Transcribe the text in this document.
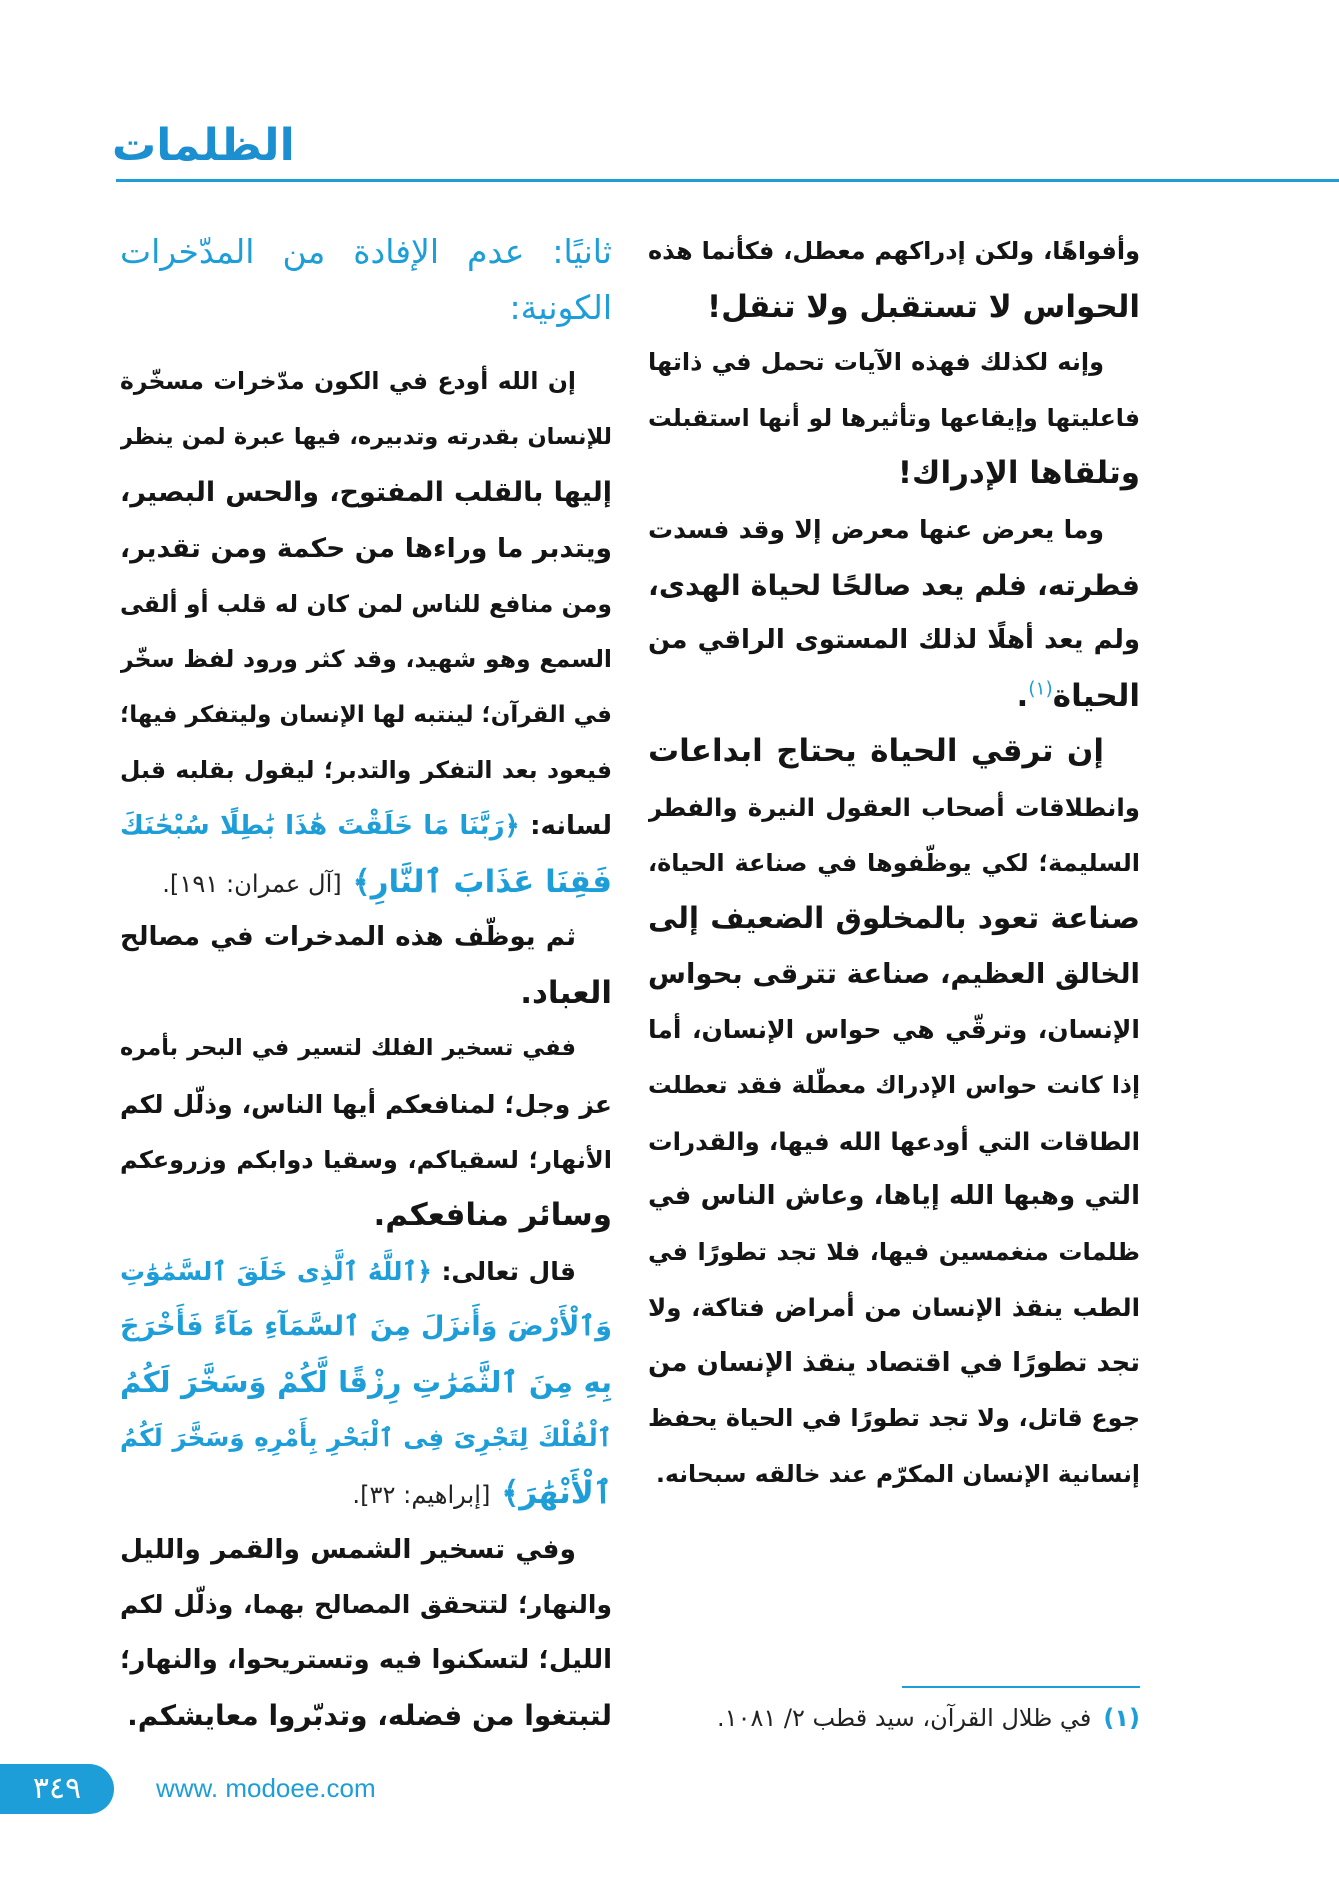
الظلمات
وأفواهًا، ولكن إدراكهم معطل، فكأنما هذه
الحواس لا تستقبل ولا تنقل!
وإنه لكذلك فهذه الآيات تحمل في ذاتها
فاعليتها وإيقاعها وتأثيرها لو أنها استقبلت
وتلقاها الإدراك!
وما يعرض عنها معرض إلا وقد فسدت
فطرته، فلم يعد صالحًا لحياة الهدى،
ولم يعد أهلًا لذلك المستوى الراقي من
الحياة$^{(١)}$.
إن ترقي الحياة يحتاج ابداعات
وانطلاقات أصحاب العقول النيرة والفطر
السليمة؛ لكي يوظّفوها في صناعة الحياة،
صناعة تعود بالمخلوق الضعيف إلى
الخالق العظيم، صناعة تترقى بحواس
الإنسان، وترقّي هي حواس الإنسان، أما
إذا كانت حواس الإدراك معطّلة فقد تعطلت
الطاقات التي أودعها الله فيها، والقدرات
التي وهبها الله إياها، وعاش الناس في
ظلمات منغمسين فيها، فلا تجد تطورًا في
الطب ينقذ الإنسان من أمراض فتاكة، ولا
تجد تطورًا في اقتصاد ينقذ الإنسان من
جوع قاتل، ولا تجد تطورًا في الحياة يحفظ
إنسانية الإنسان المكرّم عند خالقه سبحانه.
ثانيًا: عدم الإفادة من المدّخرات
الكونية:
إن الله أودع في الكون مدّخرات مسخّرة
للإنسان بقدرته وتدبيره، فيها عبرة لمن ينظر
إليها بالقلب المفتوح، والحس البصير،
ويتدبر ما وراءها من حكمة ومن تقدير،
ومن منافع للناس لمن كان له قلب أو ألقى
السمع وهو شهيد، وقد كثر ورود لفظ سخّر
في القرآن؛ لينتبه لها الإنسان وليتفكر فيها؛
فيعود بعد التفكر والتدبر؛ ليقول بقلبه قبل
لسانه: ﴿رَبَّنَا مَا خَلَقْتَ هَٰذَا بَٰطِلًا سُبْحَٰنَكَ
فَقِنَا عَذَابَ ٱلنَّارِ﴾ [آل عمران: ١٩١].
ثم يوظّف هذه المدخرات في مصالح
العباد.
ففي تسخير الفلك لتسير في البحر بأمره
عز وجل؛ لمنافعكم أيها الناس، وذلّل لكم
الأنهار؛ لسقياكم، وسقيا دوابكم وزروعكم
وسائر منافعكم.
قال تعالى: ﴿ٱللَّهُ ٱلَّذِى خَلَقَ ٱلسَّمَٰوَٰتِ
وَٱلْأَرْضَ وَأَنزَلَ مِنَ ٱلسَّمَآءِ مَآءً فَأَخْرَجَ
بِهِ مِنَ ٱلثَّمَرَٰتِ رِزْقًا لَّكُمْ وَسَخَّرَ لَكُمُ
ٱلْفُلْكَ لِتَجْرِىَ فِى ٱلْبَحْرِ بِأَمْرِهِ وَسَخَّرَ لَكُمُ
ٱلْأَنْهَٰرَ﴾ [إبراهيم: ٣٢].
وفي تسخير الشمس والقمر والليل
والنهار؛ لتتحقق المصالح بهما، وذلّل لكم
الليل؛ لتسكنوا فيه وتستريحوا، والنهار؛
لتبتغوا من فضله، وتدبّروا معايشكم.	(١)في ظلال القرآن، سيد قطب ٢/ ١٠٨١.
٣٤٩	www. modoee.com
